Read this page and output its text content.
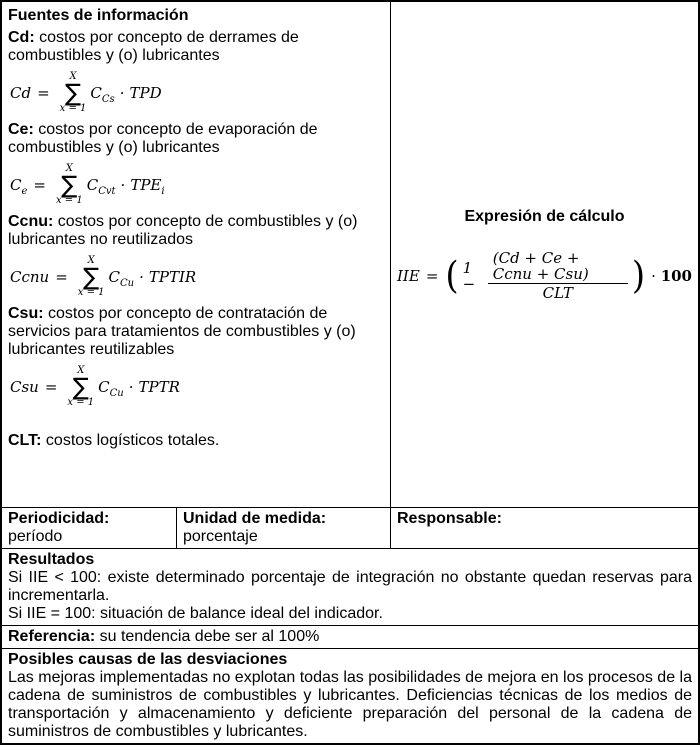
Fuentes de información

Cd: costos por concepto de derrames de combustibles y (o) lubricantes

Cd =
X
∑
x = 1
$C_{Cs}$ · TPD

Ce: costos por concepto de evaporación de combustibles y (o) lubricantes

$C_e$ =
X
∑
x = 1
$C_{Cvt} \cdot TPE_i$

Ccnu: costos por concepto de combustibles y (o) lubricantes no reutilizados

Ccnu =
X
∑
x = 1
$C_{Cu}$ · TPTIR

Csu: costos por concepto de contratación de servicios para tratamientos de combustibles y (o) lubricantes reutilizables

Csu =
X
∑
x = 1
$C_{Cu}$ · TPTR

CLT: costos logísticos totales.

Expresión de cálculo
IIE = ( $1 - \frac{\text{(Cd + Ce + Ccnu + Csu)}}{\text{CLT}}$ ) · 100
Periodicidad:
período
Unidad de medida:
porcentaje
Responsable:
Resultados

Si IIE < 100: existe determinado porcentaje de integración no obstante quedan reservas para incrementarla.

Si IIE = 100: situación de balance ideal del indicador.

Referencia: su tendencia debe ser al 100%
Posibles causas de las desviaciones

Las mejoras implementadas no explotan todas las posibilidades de mejora en los procesos de la cadena de suministros de combustibles y lubricantes. Deficiencias técnicas de los medios de transportación y almacenamiento y deficiente preparación del personal de la cadena de suministros de combustibles y lubricantes.
